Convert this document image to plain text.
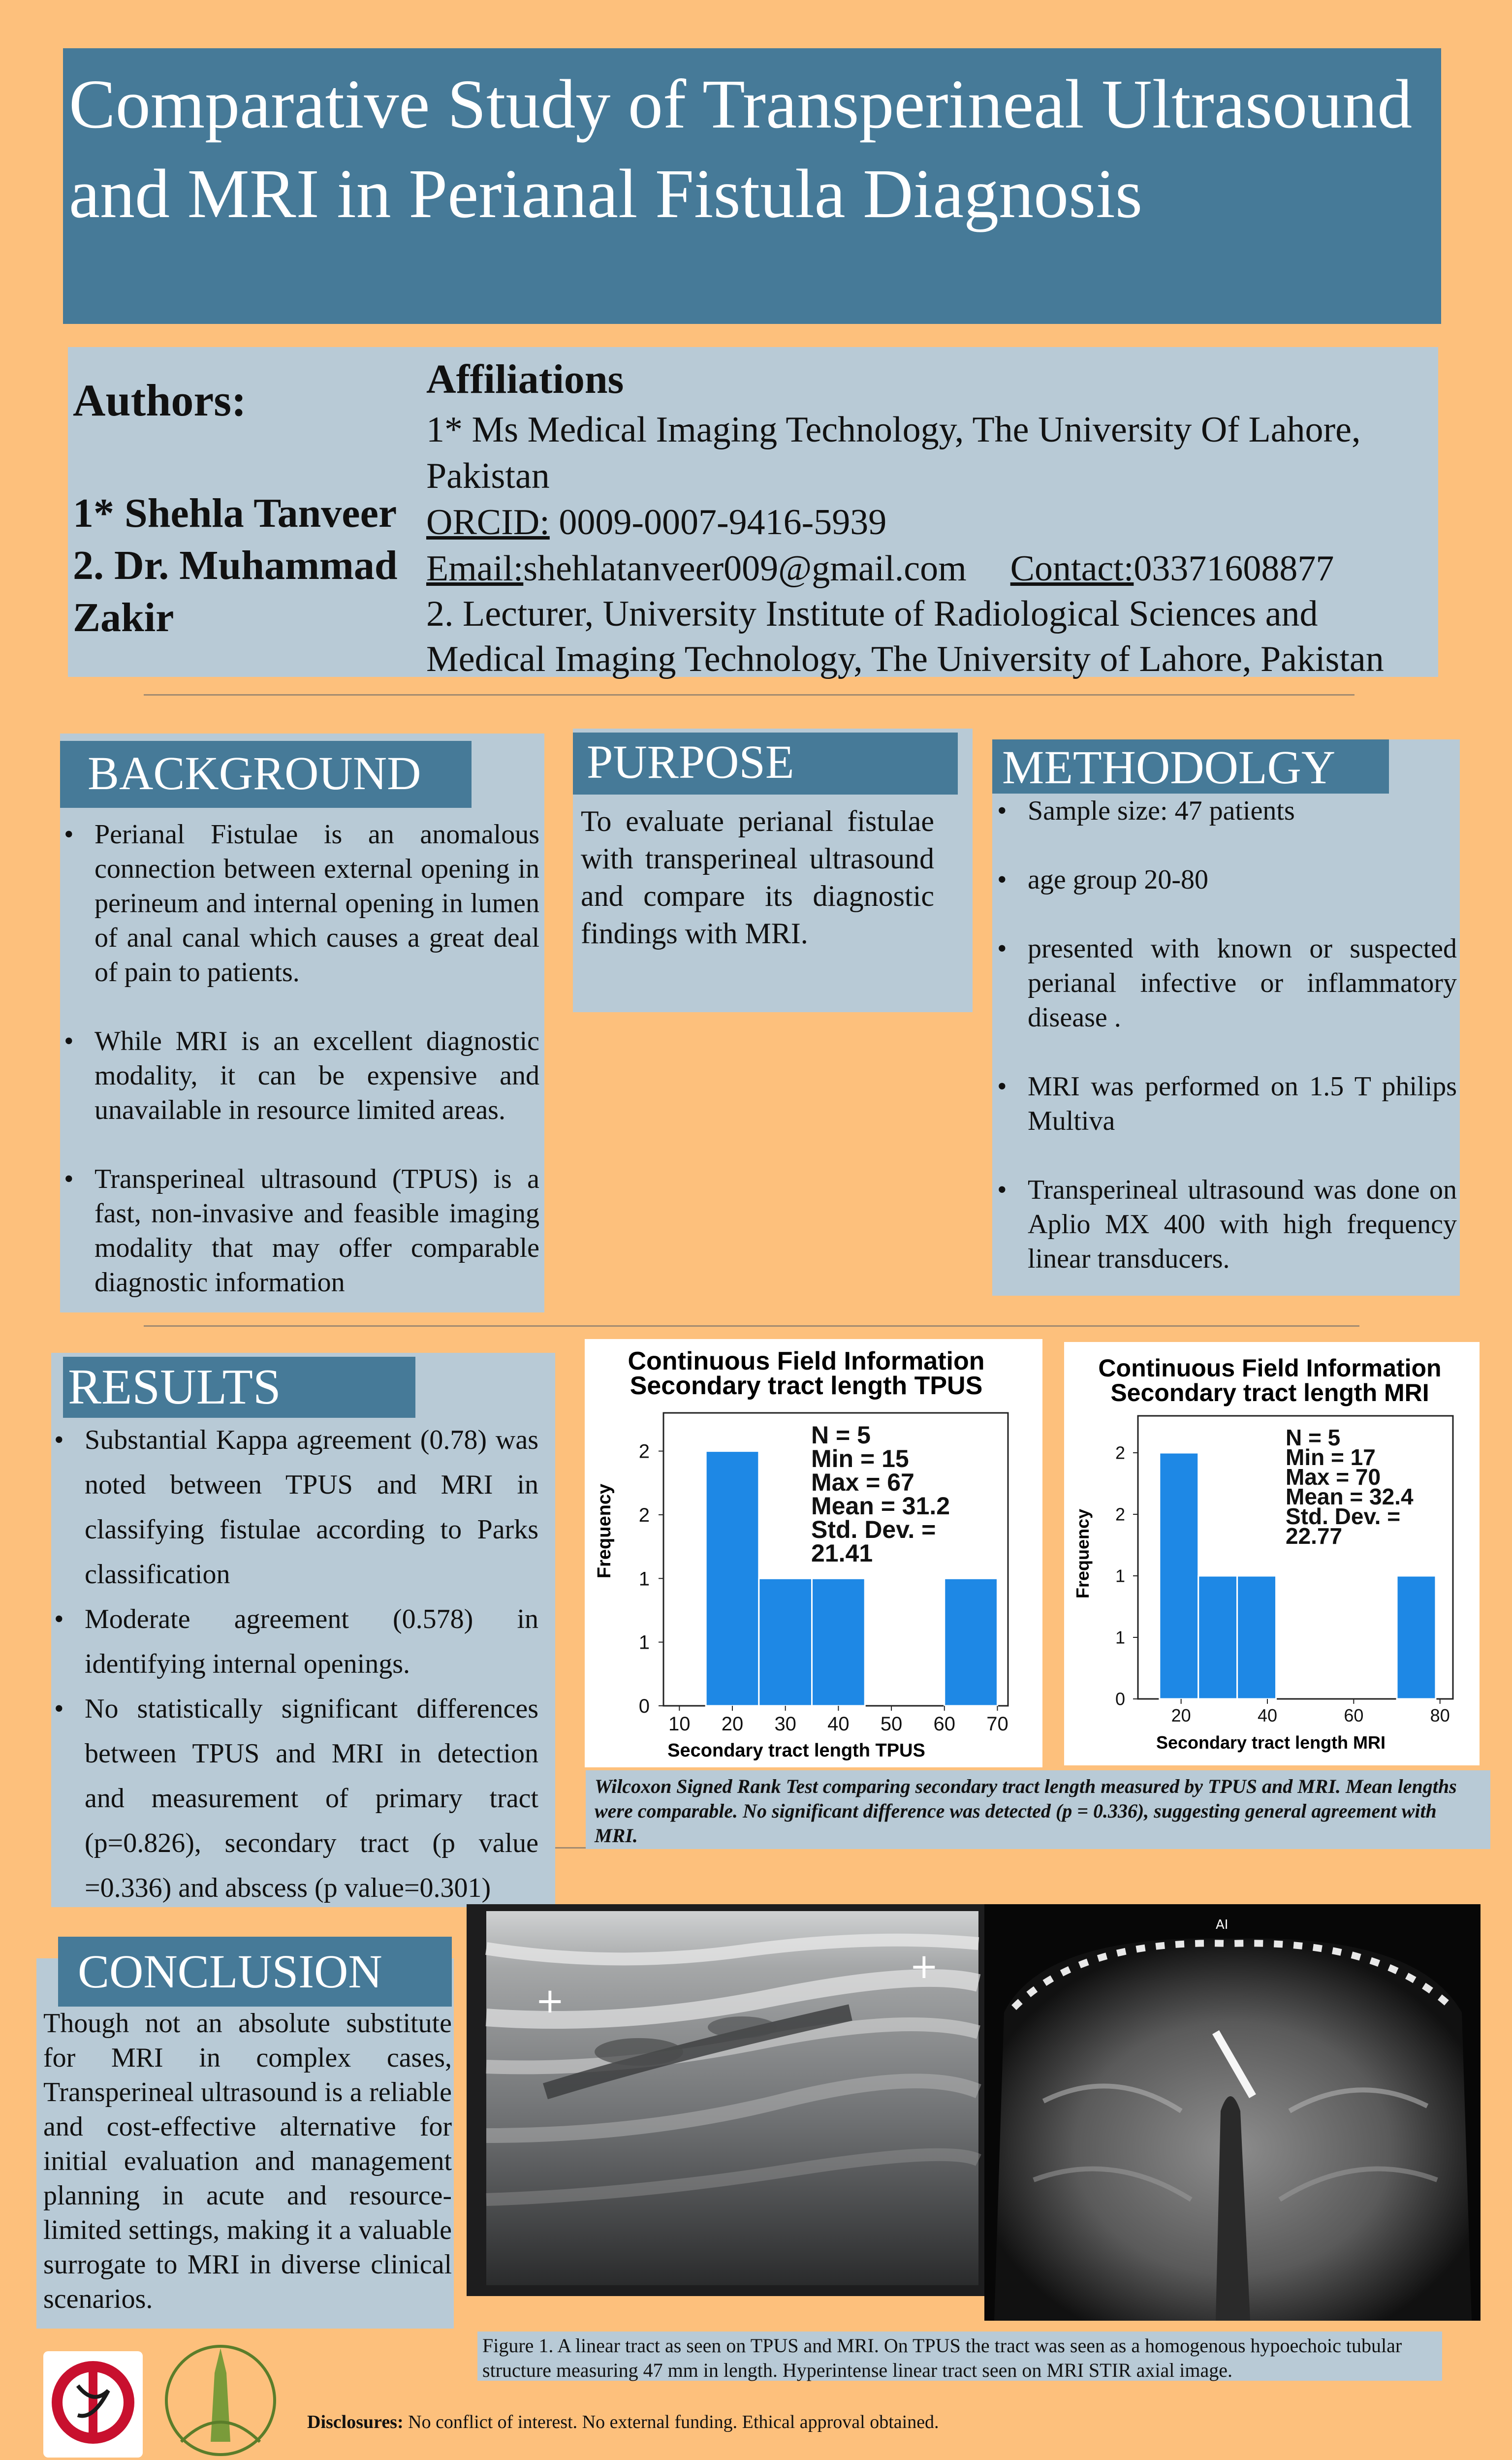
Comparative Study of Transperineal Ultrasound and MRI in Perianal Fistula Diagnosis
Authors:
1* Shehla Tanveer
2. Dr. Muhammad
Zakir
Affiliations
1* Ms Medical Imaging Technology, The University Of Lahore,
Pakistan
ORCID: 0009-0007-9416-5939
Email:shehlatanveer009@gmail.com Contact:03371608877
2. Lecturer, University Institute of Radiological Sciences and
Medical Imaging Technology, The University of Lahore, Pakistan
BACKGROUND
• Perianal Fistulae is an anomalous connection between external opening in perineum and internal opening in lumen of anal canal which causes a great deal of pain to patients.
• While MRI is an excellent diagnostic modality, it can be expensive and unavailable in resource limited areas.
• Transperineal ultrasound (TPUS) is a fast, non-invasive and feasible imaging modality that may offer comparable diagnostic information
PURPOSE
To evaluate perianal fistulae with transperineal ultrasound and compare its diagnostic findings with MRI.
METHODOLGY
• Sample size: 47 patients
• age group 20-80
• presented with known or suspected perianal infective or inflammatory disease .
• MRI was performed on 1.5 T philips Multiva
• Transperineal ultrasound was done on Aplio MX 400 with high frequency linear transducers.
RESULTS
• Substantial Kappa agreement (0.78) was noted between TPUS and MRI in classifying fistulae according to Parks classification
• Moderate agreement (0.578) in identifying internal openings.
• No statistically significant differences between TPUS and MRI in detection and measurement of primary tract (p=0.826), secondary tract (p value =0.336) and abscess (p value=0.301)
Continuous Field Information
Secondary tract length TPUS
Secondary tract length TPUS
Frequency
10 20 30 40 50 60 70
0
1
1
2
2
N = 5
Min = 15
Max = 67
Mean = 31.2
Std. Dev. =
21.41
Continuous Field Information
Secondary tract length MRI
Secondary tract length MRI
Frequency
20	40	60	80
0
1
1
2
2
N = 5
Min = 17
Max = 70
Mean = 32.4
Std. Dev. =
22.77
Wilcoxon Signed Rank Test comparing secondary tract length measured by TPUS and MRI. Mean lengths were comparable. No significant difference was detected (p = 0.336), suggesting general agreement with MRI.
CONCLUSION
Though not an absolute substitute for MRI in complex cases, Transperineal ultrasound is a reliable and cost-effective alternative for initial evaluation and management planning in acute and resource- limited settings, making it a valuable surrogate to MRI in diverse clinical scenarios.
+
+
AI
Figure 1. A linear tract as seen on TPUS and MRI. On TPUS the tract was seen as a homogenous hypoechoic tubular structure measuring 47 mm in length. Hyperintense linear tract seen on MRI STIR axial image.
Disclosures: No conflict of interest. No external funding. Ethical approval obtained.
